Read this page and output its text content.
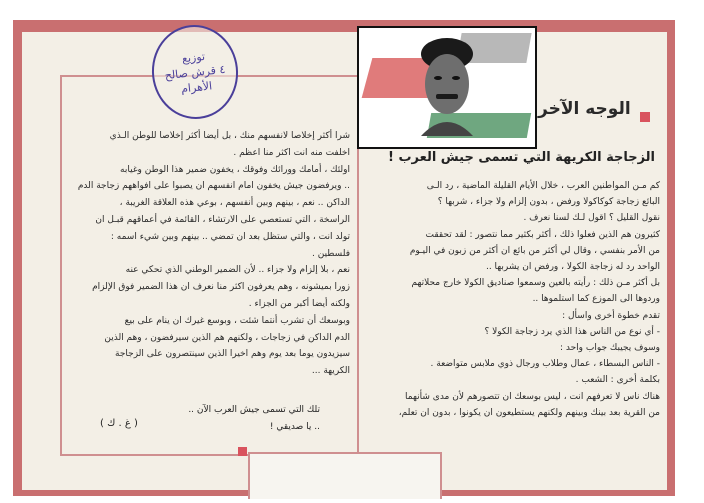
توزيع
٤ قرش صالح
الأهرام
الوجه الآخر
الزجاجة الكريهة التي تسمى جيش العرب !

كم مـن المواطنين العرب ، خلال الأيام القليلة الماضية ، رد الـى

البائع زجاجة كوكاكولا ورفض ، بدون إلزام ولا جزاء ، شربها ؟

نقول القليل ؟ اقول لـك لسنا نعرف .

كثيرون هم الذين فعلوا ذلك ، أكثر بكثير مما نتصور : لقد تحققت

من الأمر بنفسي ، وقال لي أكثر من بائع ان أكثر من زبون في اليـوم

الواحد رد له زجاجة الكولا ، ورفض ان يشربها ..

بل أكثر مـن ذلك : رأيته بالعين وسمعوا صناديق الكولا خارج محلاتهم

وردوها الى الموزع كما استلموها ..

تقدم خطوة أخرى واسأل :

- أي نوع من الناس هذا الذي يرد زجاجة الكولا ؟

وسوف يجيبك جواب واحد :

- الناس البسطاء ، عمال وطلاب ورجال ذوي ملابس متواضعة .

بكلمة أخرى : الشعب .

هناك ناس لا تعرفهم انت ، ليس بوسعك ان تتصورهم لأن مدى شأنهما

من القرية بعد بينك وبينهم ولكنهم يستطيعون ان يكونوا ، بدون ان تعلم،

شرا أكثر إخلاصا لانفسهم منك ، بل أيضا أكثر إخلاصا للوطن الـذي

اخلفت منه انت اكثر منا اعظم .

اولئك ، أمامك وورائك وفوقك ، يخفون ضمير هذا الوطن وغيابه

.. ويرفضون جيش يخفون امام انفسهم ان يصبوا على افواههم زجاجة الدم

الداكن .. نعم ، بينهم وبين أنفسهم ، بوعي هذه العلاقة الغريبة ،

الراسخة ، التي تستعصي على الارتشاء ، القائمة في أعماقهم قبـل ان

تولد انت ، والتي ستظل بعد ان تمضي .. بينهم وبين شيء اسمه :

فلسطين .

نعم ، بلا إلزام ولا جزاء .. لأن الضمير الوطني الذي تحكي عنه

زورا بميشونه ، وهم يعرفون اكثر منا نعرف ان هذا الضمير فوق الإلزام

ولكنه أيضا أكبر من الجزاء .

وبوسعك أن تشرب أنتما شئت ، وبوسع غيرك ان ينام على بيع

الدم الداكن في زجاجات ، ولكنهم هم الذين سيرفضون ، وهم الذين

سيزيدون يوما بعد يوم وهم اخيرا الذين سينتصرون على الزجاجة

الكريهة ...

تلك التي تسمى جيش العرب الآن ..

.. يا صديقي !

( غ . ك )
